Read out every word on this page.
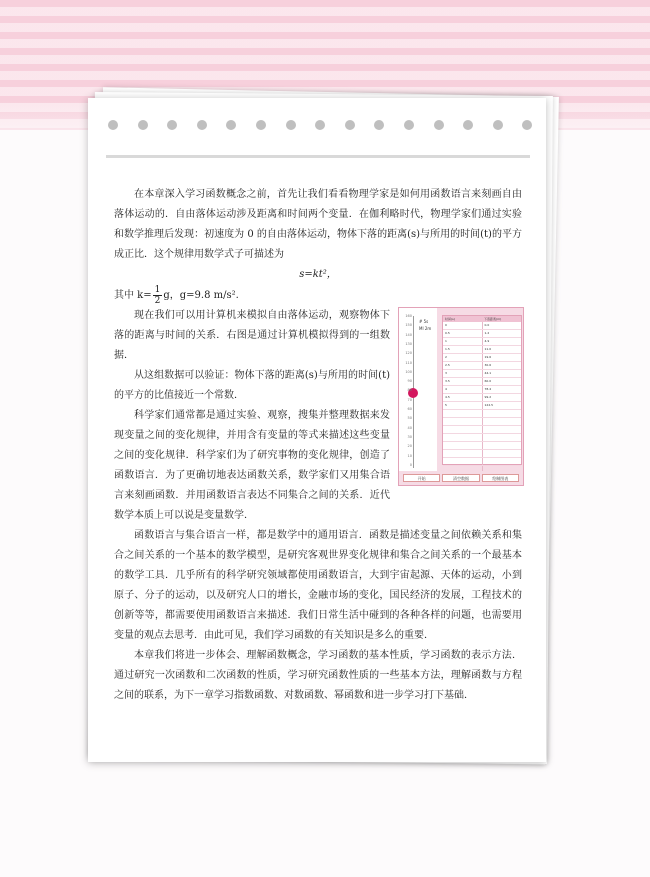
在本章深入学习函数概念之前，首先让我们看看物理学家是如何用函数语言来刻画自由落体运动的．自由落体运动涉及距离和时间两个变量．在伽利略时代，物理学家们通过实验和数学推理后发现：初速度为 0 的自由落体运动，物体下落的距离(s)与所用的时间(t)的平方成正比．这个规律用数学式子可描述为

s=kt²，

其中 $k= \frac{1}{2}$ g，g=9.8 m/s².

现在我们可以用计算机来模拟自由落体运动，观察物体下落的距离与时间的关系．右图是通过计算机模拟得到的一组数据．

从这组数据可以验证：物体下落的距离(s)与所用的时间(t)的平方的比值接近一个常数．

科学家们通常都是通过实验、观察，搜集并整理数据来发现变量之间的变化规律，并用含有变量的等式来描述这些变量之间的变化规律．科学家们为了研究事物的变化规律，创造了函数语言．为了更确切地表达函数关系，数学家们又用集合语言来刻画函数．并用函数语言表达不同集合之间的关系．近代数学本质上可以说是变量数学．

函数语言与集合语言一样，都是数学中的通用语言．函数是描述变量之间依赖关系和集合之间关系的一个基本的数学模型，是研究客观世界变化规律和集合之间关系的一个最基本的数学工具．几乎所有的科学研究领域都使用函数语言，大到宇宙起源、天体的运动，小到原子、分子的运动，以及研究人口的增长，金融市场的变化，国民经济的发展，工程技术的创新等等，都需要使用函数语言来描述．我们日常生活中碰到的各种各样的问题，也需要用变量的观点去思考．由此可见，我们学习函数的有关知识是多么的重要．

本章我们将进一步体会、理解函数概念，学习函数的基本性质，学习函数的表示方法．通过研究一次函数和二次函数的性质，学习研究函数性质的一些基本方法，理解函数与方程之间的联系，为下一章学习指数函数、对数函数、幂函数和进一步学习打下基础．

# 5s
Ml 2m
160
150
140
130
120
110
100
90
80
70
60
50
40
30
20
10
0
时间(s)	下落距离(m)
0	0.0
0.5	1.2
1	4.9
1.5	11.0
2	19.6
2.5	30.6
3	44.1
3.5	60.0
4	78.4
4.5	99.2
5	122.5
开始	清空数据	绘制图表
